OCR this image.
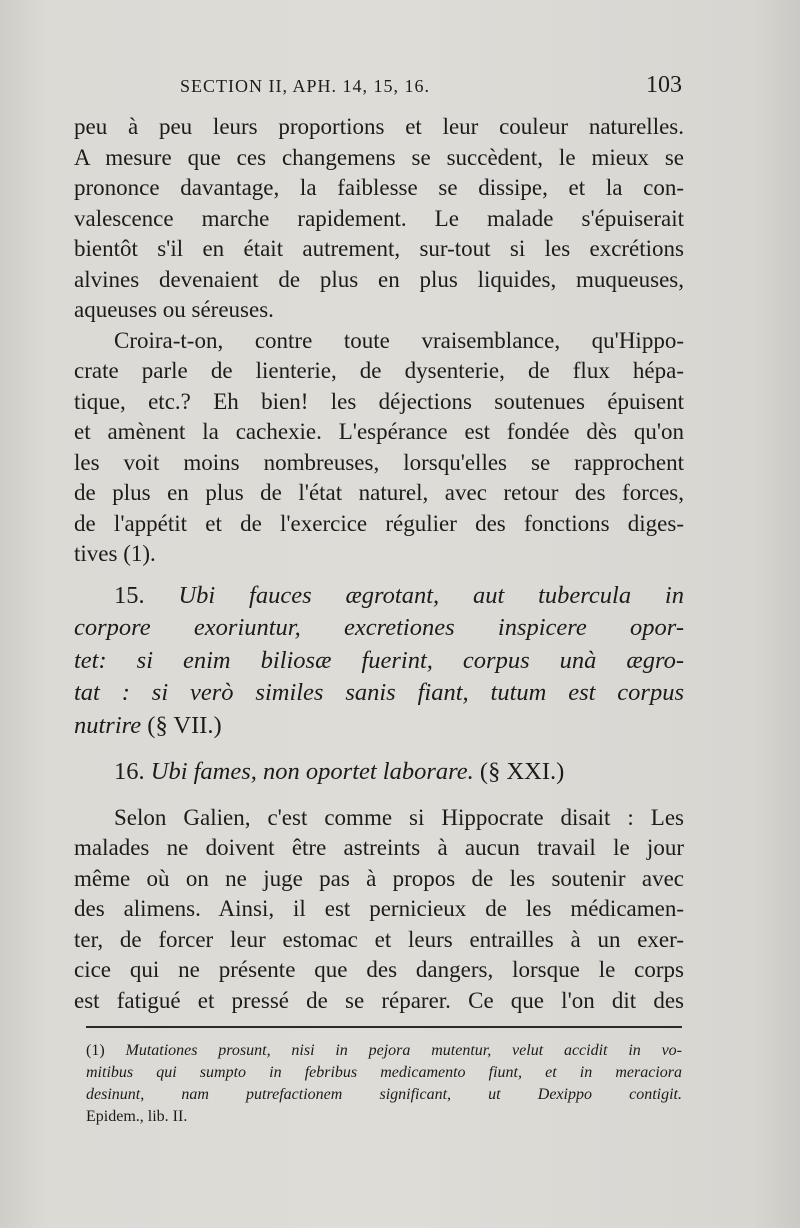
SECTION II, APH. 14, 15, 16.	103
peu à peu leurs proportions et leur couleur naturelles.
A mesure que ces changemens se succèdent, le mieux se
prononce davantage, la faiblesse se dissipe, et la con-
valescence marche rapidement. Le malade s'épuiserait
bientôt s'il en était autrement, sur-tout si les excrétions
alvines devenaient de plus en plus liquides, muqueuses,
aqueuses ou séreuses.
Croira-t-on, contre toute vraisemblance, qu'Hippo-
crate parle de lienterie, de dysenterie, de flux hépa-
tique, etc.? Eh bien! les déjections soutenues épuisent
et amènent la cachexie. L'espérance est fondée dès qu'on
les voit moins nombreuses, lorsqu'elles se rapprochent
de plus en plus de l'état naturel, avec retour des forces,
de l'appétit et de l'exercice régulier des fonctions diges-
tives (1).
15. Ubi fauces ægrotant, aut tubercula in
corpore exoriuntur, excretiones inspicere opor-
tet: si enim biliosæ fuerint, corpus unà ægro-
tat : si verò similes sanis fiant, tutum est corpus
nutrire (§ VII.)
16. Ubi fames, non oportet laborare. (§ XXI.)
Selon Galien, c'est comme si Hippocrate disait : Les
malades ne doivent être astreints à aucun travail le jour
même où on ne juge pas à propos de les soutenir avec
des alimens. Ainsi, il est pernicieux de les médicamen-
ter, de forcer leur estomac et leurs entrailles à un exer-
cice qui ne présente que des dangers, lorsque le corps
est fatigué et pressé de se réparer. Ce que l'on dit des
(1) Mutationes prosunt, nisi in pejora mutentur, velut accidit in vo-
mitibus qui sumpto in febribus medicamento fiunt, et in meraciora
desinunt, nam putrefactionem significant, ut Dexippo contigit.
Epidem., lib. II.
